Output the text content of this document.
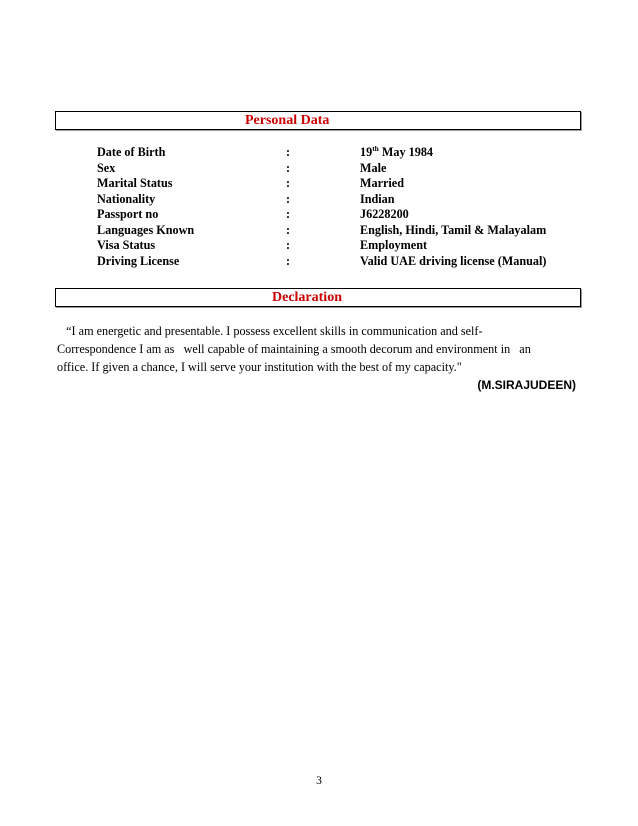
Personal Data
Date of Birth	:	19th May 1984
Sex	:	Male
Marital Status	:	Married
Nationality	:	Indian
Passport no	:	J6228200
Languages Known	:	English, Hindi, Tamil & Malayalam
Visa Status	:	Employment
Driving License	:	Valid UAE driving license (Manual)
Declaration
“I am energetic and presentable. I possess excellent skills in communication and self-
Correspondence I am as   well capable of maintaining a smooth decorum and environment in   an
office. If given a chance, I will serve your institution with the best of my capacity."
(M.SIRAJUDEEN)
3
